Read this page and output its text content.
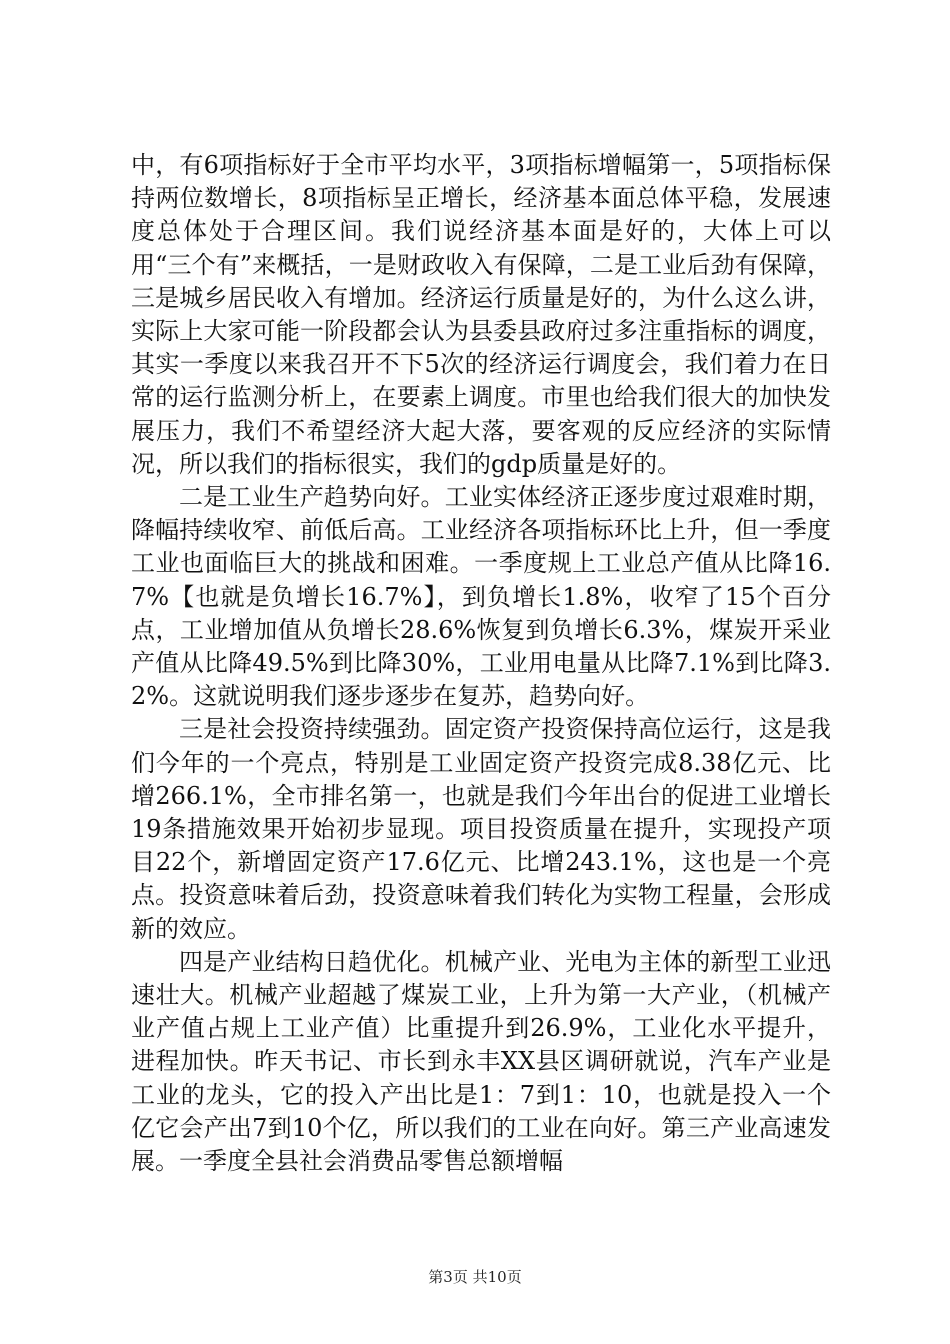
中，有6项指标好于全市平均水平，3项指标增幅第一，5项指标保持两位数增长，8项指标呈正增长，经济基本面总体平稳，发展速度总体处于合理区间。我们说经济基本面是好的，大体上可以用“三个有”来概括，一是财政收入有保障，二是工业后劲有保障，三是城乡居民收入有增加。经济运行质量是好的，为什么这么讲，实际上大家可能一阶段都会认为县委县政府过多注重指标的调度，其实一季度以来我召开不下5次的经济运行调度会，我们着力在日常的运行监测分析上，在要素上调度。市里也给我们很大的加快发展压力，我们不希望经济大起大落，要客观的反应经济的实际情况，所以我们的指标很实，我们的gdp质量是好的。

二是工业生产趋势向好。工业实体经济正逐步度过艰难时期，降幅持续收窄、前低后高。工业经济各项指标环比上升，但一季度工业也面临巨大的挑战和困难。一季度规上工业总产值从比降16.7%【也就是负增长16.7%】，到负增长1.8%，收窄了15个百分点，工业增加值从负增长28.6%恢复到负增长6.3%，煤炭开采业产值从比降49.5%到比降30%，工业用电量从比降7.1%到比降3.2%。这就说明我们逐步逐步在复苏，趋势向好。

三是社会投资持续强劲。固定资产投资保持高位运行，这是我们今年的一个亮点，特别是工业固定资产投资完成8.38亿元、比增266.1%，全市排名第一，也就是我们今年出台的促进工业增长19条措施效果开始初步显现。项目投资质量在提升，实现投产项目22个，新增固定资产17.6亿元、比增243.1%，这也是一个亮点。投资意味着后劲，投资意味着我们转化为实物工程量，会形成新的效应。

四是产业结构日趋优化。机械产业、光电为主体的新型工业迅速壮大。机械产业超越了煤炭工业，上升为第一大产业，（机械产业产值占规上工业产值）比重提升到26.9%，工业化水平提升，进程加快。昨天书记、市长到永丰XX县区调研就说，汽车产业是工业的龙头，它的投入产出比是1：7到1：10，也就是投入一个亿它会产出7到10个亿，所以我们的工业在向好。第三产业高速发展。一季度全县社会消费品零售总额增幅

第3页 共10页
